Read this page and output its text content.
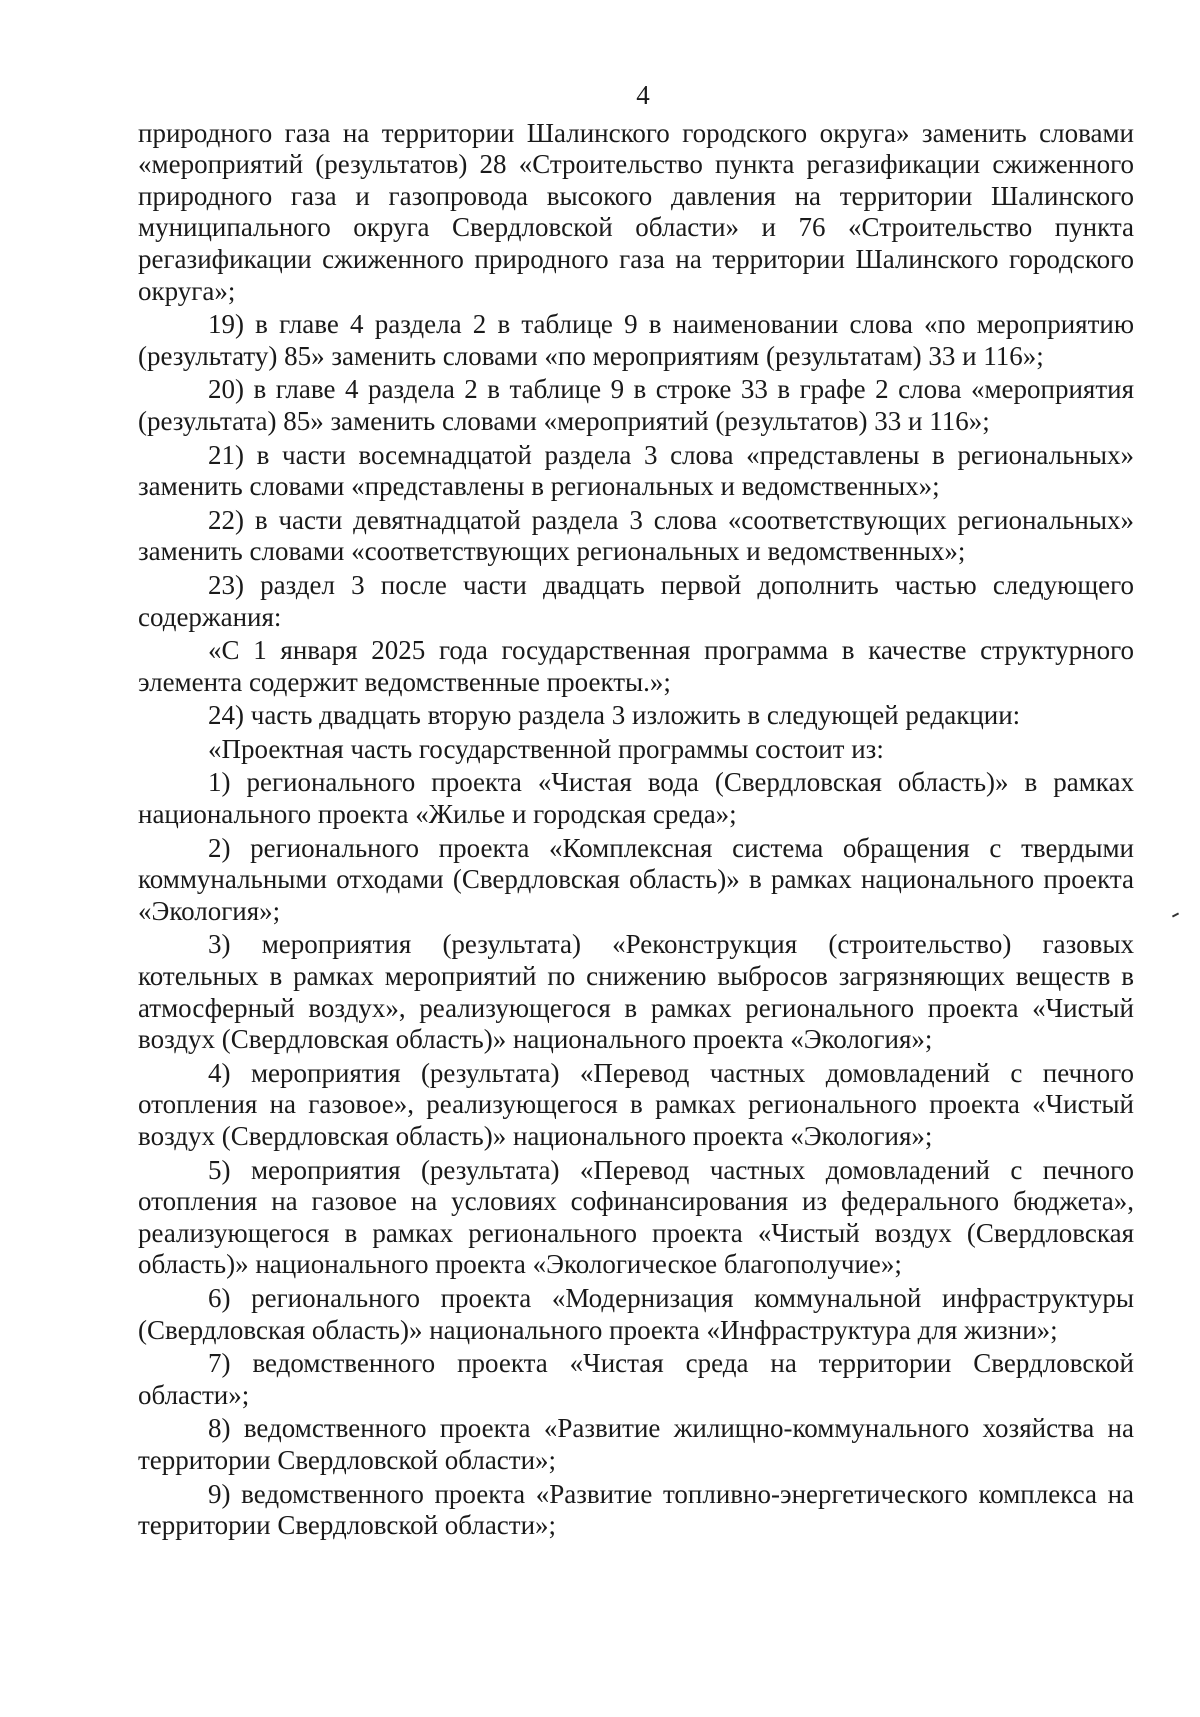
4

природного газа на территории Шалинского городского округа» заменить словами «мероприятий (результатов) 28 «Строительство пункта регазификации сжиженного природного газа и газопровода высокого давления на территории Шалинского муниципального округа Свердловской области» и 76 «Строительство пункта регазификации сжиженного природного газа на территории Шалинского городского округа»;

19) в главе 4 раздела 2 в таблице 9 в наименовании слова «по мероприятию (результату) 85» заменить словами «по мероприятиям (результатам) 33 и 116»;

20) в главе 4 раздела 2 в таблице 9 в строке 33 в графе 2 слова «мероприятия (результата) 85» заменить словами «мероприятий (результатов) 33 и 116»;

21) в части восемнадцатой раздела 3 слова «представлены в региональных» заменить словами «представлены в региональных и ведомственных»;

22) в части девятнадцатой раздела 3 слова «соответствующих региональных» заменить словами «соответствующих региональных и ведомственных»;

23) раздел 3 после части двадцать первой дополнить частью следующего содержания:

«С 1 января 2025 года государственная программа в качестве структурного элемента содержит ведомственные проекты.»;

24) часть двадцать вторую раздела 3 изложить в следующей редакции:

«Проектная часть государственной программы состоит из:

1) регионального проекта «Чистая вода (Свердловская область)» в рамках национального проекта «Жилье и городская среда»;

2) регионального проекта «Комплексная система обращения с твердыми коммунальными отходами (Свердловская область)» в рамках национального проекта «Экология»;

3) мероприятия (результата) «Реконструкция (строительство) газовых котельных в рамках мероприятий по снижению выбросов загрязняющих веществ в атмосферный воздух», реализующегося в рамках регионального проекта «Чистый воздух (Свердловская область)» национального проекта «Экология»;

4) мероприятия (результата) «Перевод частных домовладений с печного отопления на газовое», реализующегося в рамках регионального проекта «Чистый воздух (Свердловская область)» национального проекта «Экология»;

5) мероприятия (результата) «Перевод частных домовладений с печного отопления на газовое на условиях софинансирования из федерального бюджета», реализующегося в рамках регионального проекта «Чистый воздух (Свердловская область)» национального проекта «Экологическое благополучие»;

6) регионального проекта «Модернизация коммунальной инфраструктуры (Свердловская область)» национального проекта «Инфраструктура для жизни»;

7) ведомственного проекта «Чистая среда на территории Свердловской области»;

8) ведомственного проекта «Развитие жилищно-коммунального хозяйства на территории Свердловской области»;

9) ведомственного проекта «Развитие топливно-энергетического комплекса на территории Свердловской области»;
